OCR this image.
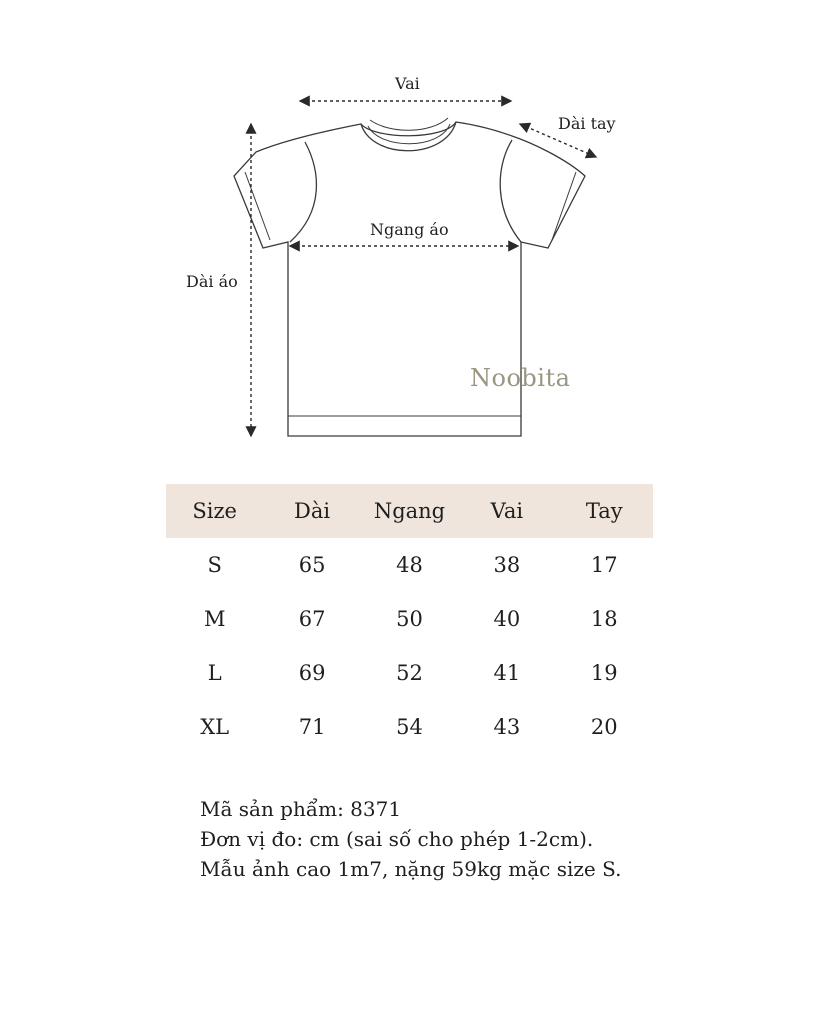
Vai
Dài tay
Ngang áo
Dài áo
Noobita
Size	Dài	Ngang	Vai	Tay
S	65	48	38	17
M	67	50	40	18
L	69	52	41	19
XL	71	54	43	20
Mã sản phẩm: 8371
Đơn vị đo: cm (sai số cho phép 1-2cm).
Mẫu ảnh cao 1m7, nặng 59kg mặc size S.
